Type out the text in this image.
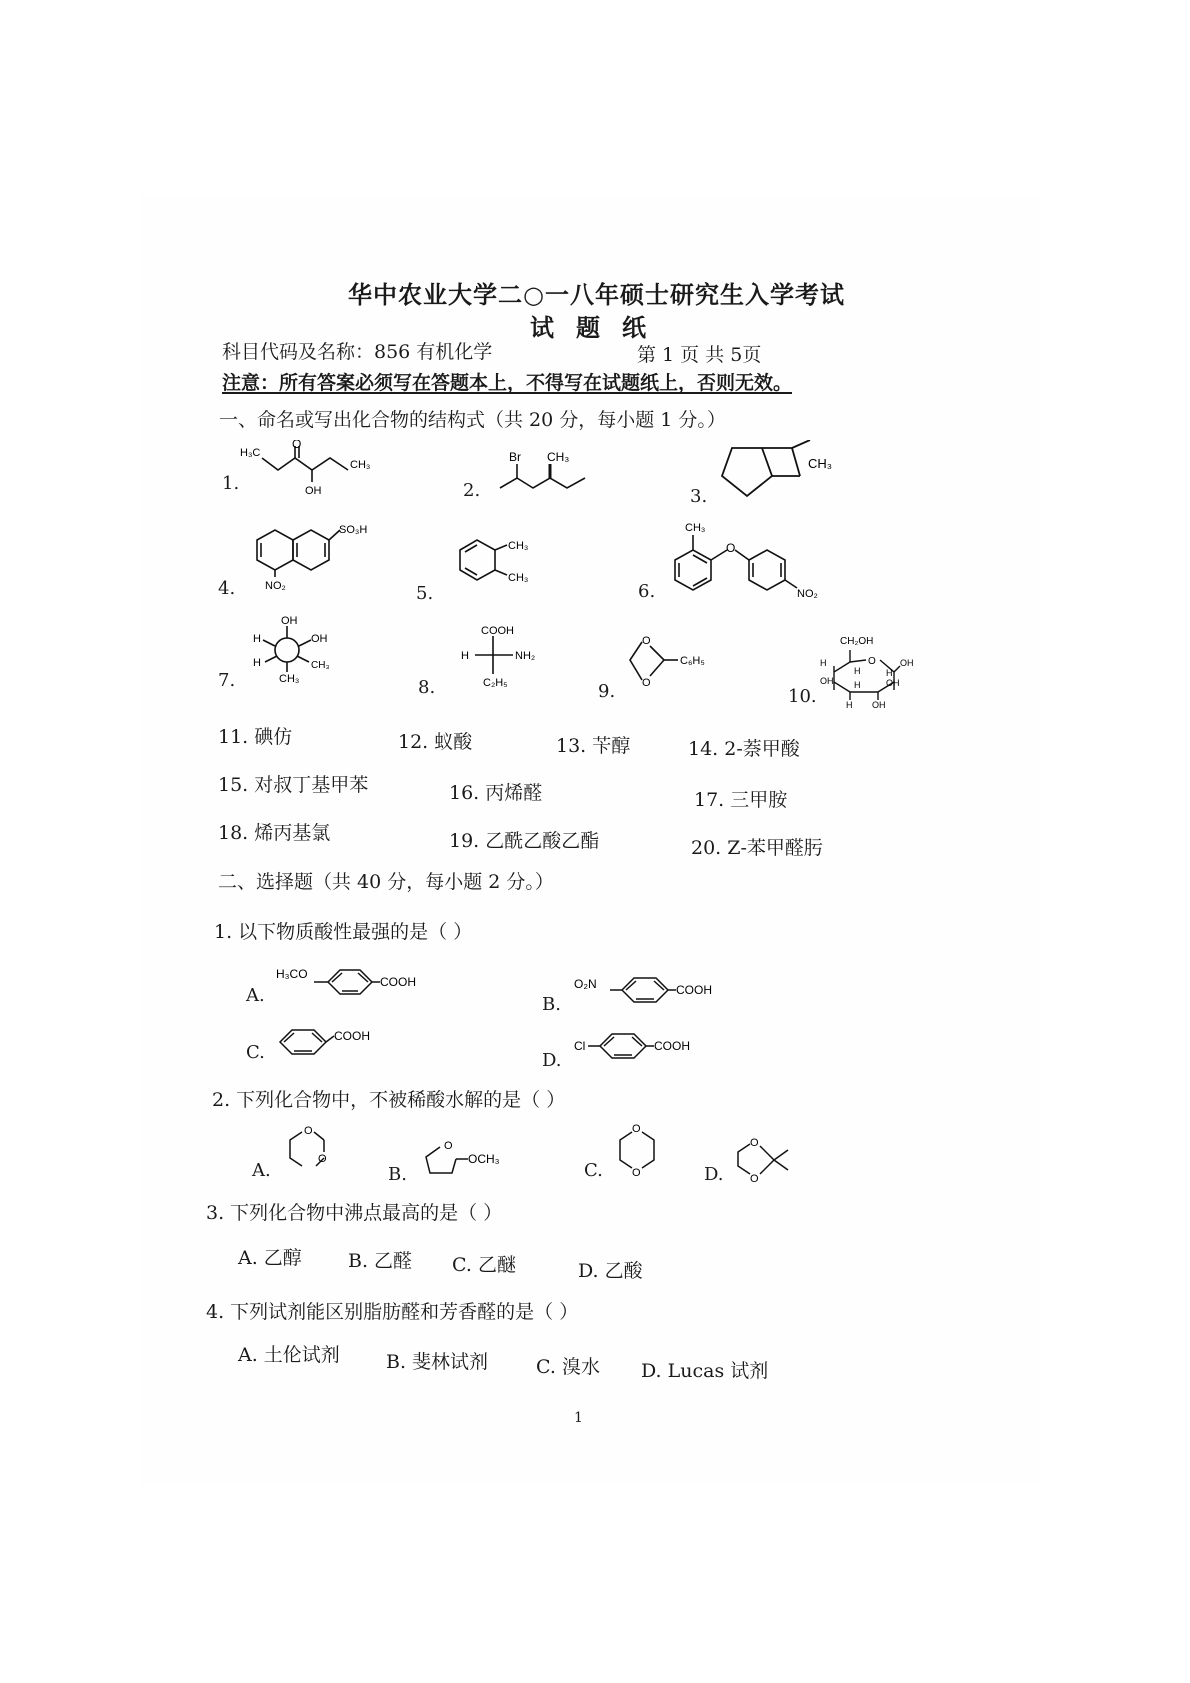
华中农业大学二○一八年硕士研究生入学考试
试题纸
科目代码及名称：856 有机化学	第 1 页 共 5页
注意：所有答案必须写在答题本上，不得写在试题纸上，否则无效。
一、命名或写出化合物的结构式（共 20 分，每小题 1 分。）
1.	2.	3.
4.	5.	6.
7.	8.	9.	10.
H₃C
O
CH₃
OH
Br CH₃	CH₃
SO₃H
NO₂
CH₃
CH₃
CH₃
O
NO₂
OH
H	OH
H	CH₃
CH₃
COOH
H	NH₂
C₂H₅
O
O
C₆H₅
CH₂OH
O
H	OH
H	H
OH H	OH
H OH
11. 碘仿	12. 蚁酸	13. 苄醇	14. 2-萘甲酸
15. 对叔丁基甲苯	16. 丙烯醛	17. 三甲胺
18. 烯丙基氯	19. 乙酰乙酸乙酯	20. Z-苯甲醛肟
二、选择题（共 40 分，每小题 2 分。）
1. 以下物质酸性最强的是（ ）
A.
H₃CO
COOH
B.
O₂N	COOH
C.
COOH
D.
Cl	COOH
2. 下列化合物中，不被稀酸水解的是（ ）
A.
O
O
B.
O
OCH₃
C.
O
O	D.
O
O
3. 下列化合物中沸点最高的是（ ）
A. 乙醇 B. 乙醛 C. 乙醚	D. 乙酸
4. 下列试剂能区别脂肪醛和芳香醛的是（ ）
A. 土伦试剂 B. 斐林试剂	C. 溴水 D. Lucas 试剂
1
